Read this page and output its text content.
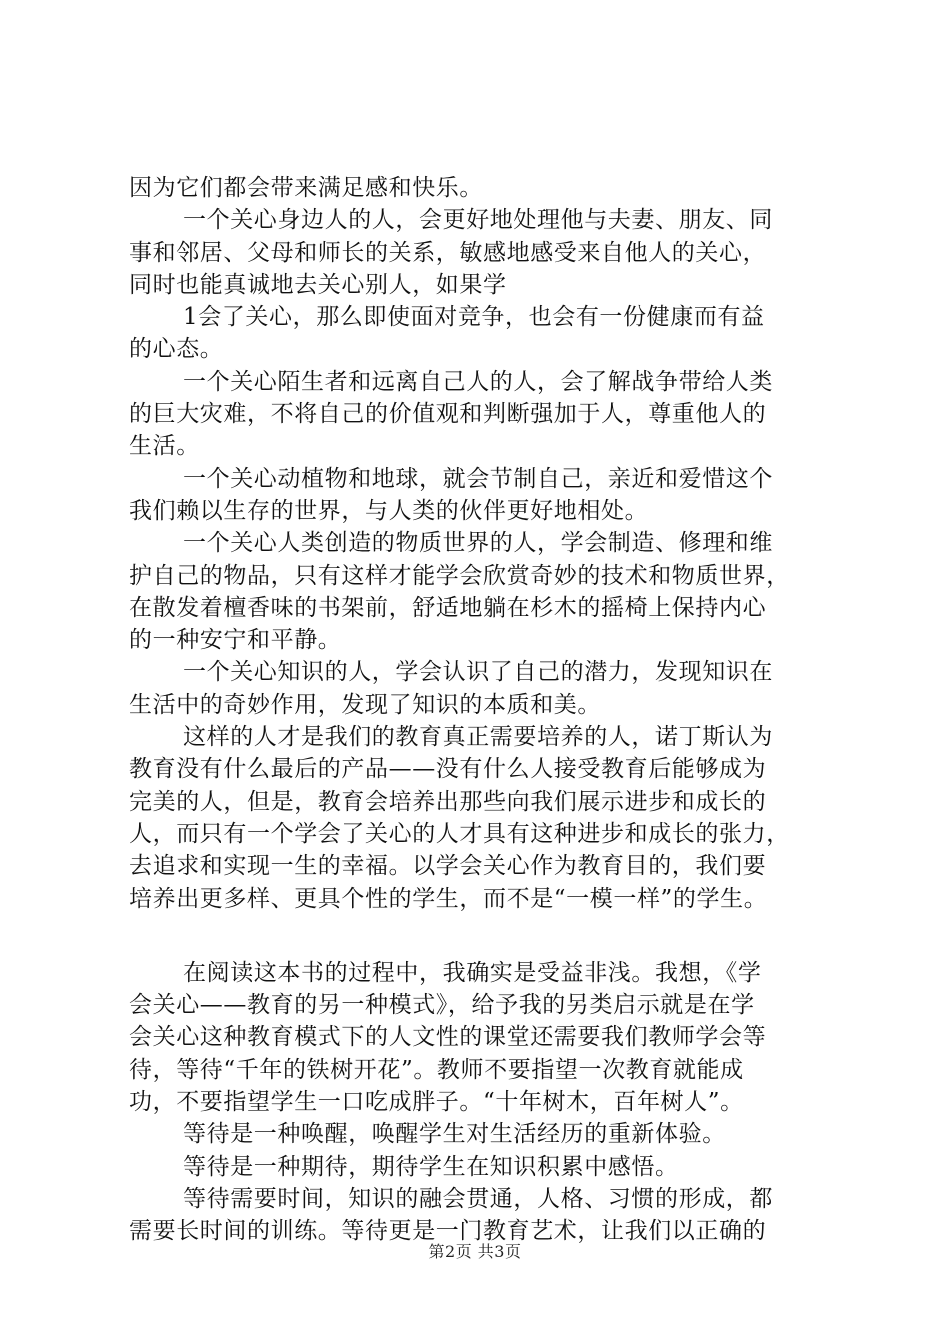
因为它们都会带来满足感和快乐。
一个关心身边人的人，会更好地处理他与夫妻、朋友、同
事和邻居、父母和师长的关系，敏感地感受来自他人的关心，
同时也能真诚地去关心别人，如果学
1会了关心，那么即使面对竞争，也会有一份健康而有益
的心态。
一个关心陌生者和远离自己人的人，会了解战争带给人类
的巨大灾难，不将自己的价值观和判断强加于人，尊重他人的
生活。
一个关心动植物和地球，就会节制自己，亲近和爱惜这个
我们赖以生存的世界，与人类的伙伴更好地相处。
一个关心人类创造的物质世界的人，学会制造、修理和维
护自己的物品，只有这样才能学会欣赏奇妙的技术和物质世界，
在散发着檀香味的书架前，舒适地躺在杉木的摇椅上保持内心
的一种安宁和平静。
一个关心知识的人，学会认识了自己的潜力，发现知识在
生活中的奇妙作用，发现了知识的本质和美。
这样的人才是我们的教育真正需要培养的人，诺丁斯认为
教育没有什么最后的产品——没有什么人接受教育后能够成为
完美的人，但是，教育会培养出那些向我们展示进步和成长的
人，而只有一个学会了关心的人才具有这种进步和成长的张力，
去追求和实现一生的幸福。以学会关心作为教育目的，我们要
培养出更多样、更具个性的学生，而不是“一模一样”的学生。
在阅读这本书的过程中，我确实是受益非浅。我想，《学
会关心——教育的另一种模式》，给予我的另类启示就是在学
会关心这种教育模式下的人文性的课堂还需要我们教师学会等
待，等待“千年的铁树开花”。教师不要指望一次教育就能成
功，不要指望学生一口吃成胖子。“十年树木，百年树人”。
等待是一种唤醒，唤醒学生对生活经历的重新体验。
等待是一种期待，期待学生在知识积累中感悟。
等待需要时间，知识的融会贯通，人格、习惯的形成，都
需要长时间的训练。等待更是一门教育艺术，让我们以正确的
第2页 共3页
